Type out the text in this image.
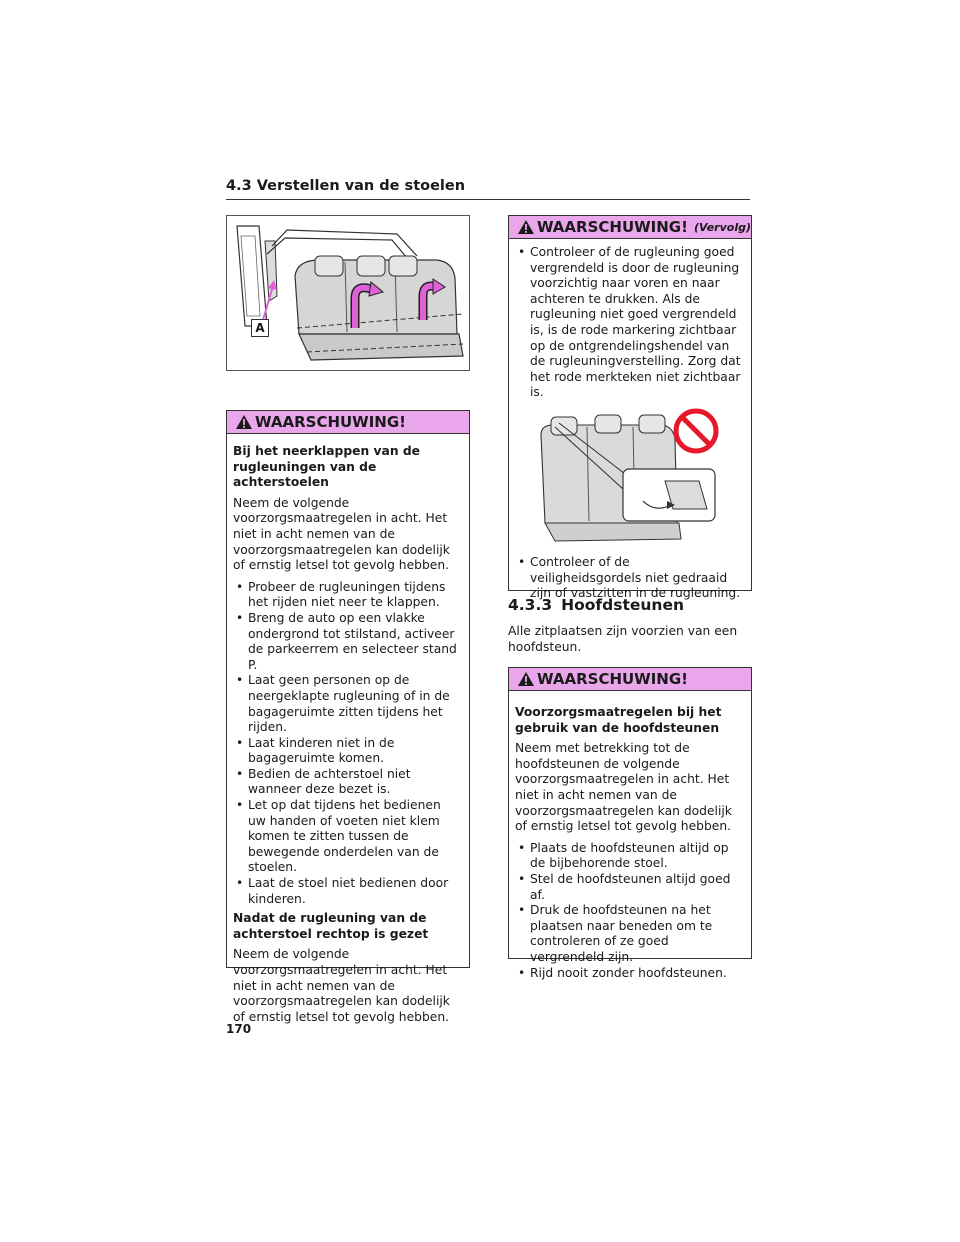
4.3 Verstellen van de stoelen
A
WAARSCHUWING!

Bij het neerklappen van de rugleuningen van de achterstoelen

Neem de volgende voorzorgsmaatregelen in acht. Het niet in acht nemen van de voorzorgsmaatregelen kan dodelijk of ernstig letsel tot gevolg hebben.

• Probeer de rugleuningen tijdens het rijden niet neer te klappen.
• Breng de auto op een vlakke ondergrond tot stilstand, activeer de parkeerrem en selecteer stand P.
• Laat geen personen op de neergeklapte rugleuning of in de bagageruimte zitten tijdens het rijden.
• Laat kinderen niet in de bagageruimte komen.
• Bedien de achterstoel niet wanneer deze bezet is.
• Let op dat tijdens het bedienen uw handen of voeten niet klem komen te zitten tussen de bewegende onderdelen van de stoelen.
• Laat de stoel niet bedienen door kinderen.

Nadat de rugleuning van de achterstoel rechtop is gezet

Neem de volgende voorzorgsmaatregelen in acht. Het niet in acht nemen van de voorzorgsmaatregelen kan dodelijk of ernstig letsel tot gevolg hebben.

WAARSCHUWING! (Vervolg)
• Controleer of de rugleuning goed vergrendeld is door de rugleuning voorzichtig naar voren en naar achteren te drukken. Als de rugleuning niet goed vergrendeld is, is de rode markering zichtbaar op de ontgrendelingshendel van de rugleuningverstelling. Zorg dat het rode merkteken niet zichtbaar is.
• Controleer of de veiligheidsgordels niet gedraaid zijn of vastzitten in de rugleuning.
4.3.3 Hoofdsteunen
Alle zitplaatsen zijn voorzien van een hoofdsteun.
WAARSCHUWING!

Voorzorgsmaatregelen bij het gebruik van de hoofdsteunen

Neem met betrekking tot de hoofdsteunen de volgende voorzorgsmaatregelen in acht. Het niet in acht nemen van de voorzorgsmaatregelen kan dodelijk of ernstig letsel tot gevolg hebben.

• Plaats de hoofdsteunen altijd op de bijbehorende stoel.
• Stel de hoofdsteunen altijd goed af.
• Druk de hoofdsteunen na het plaatsen naar beneden om te controleren of ze goed vergrendeld zijn.
• Rijd nooit zonder hoofdsteunen.
170
